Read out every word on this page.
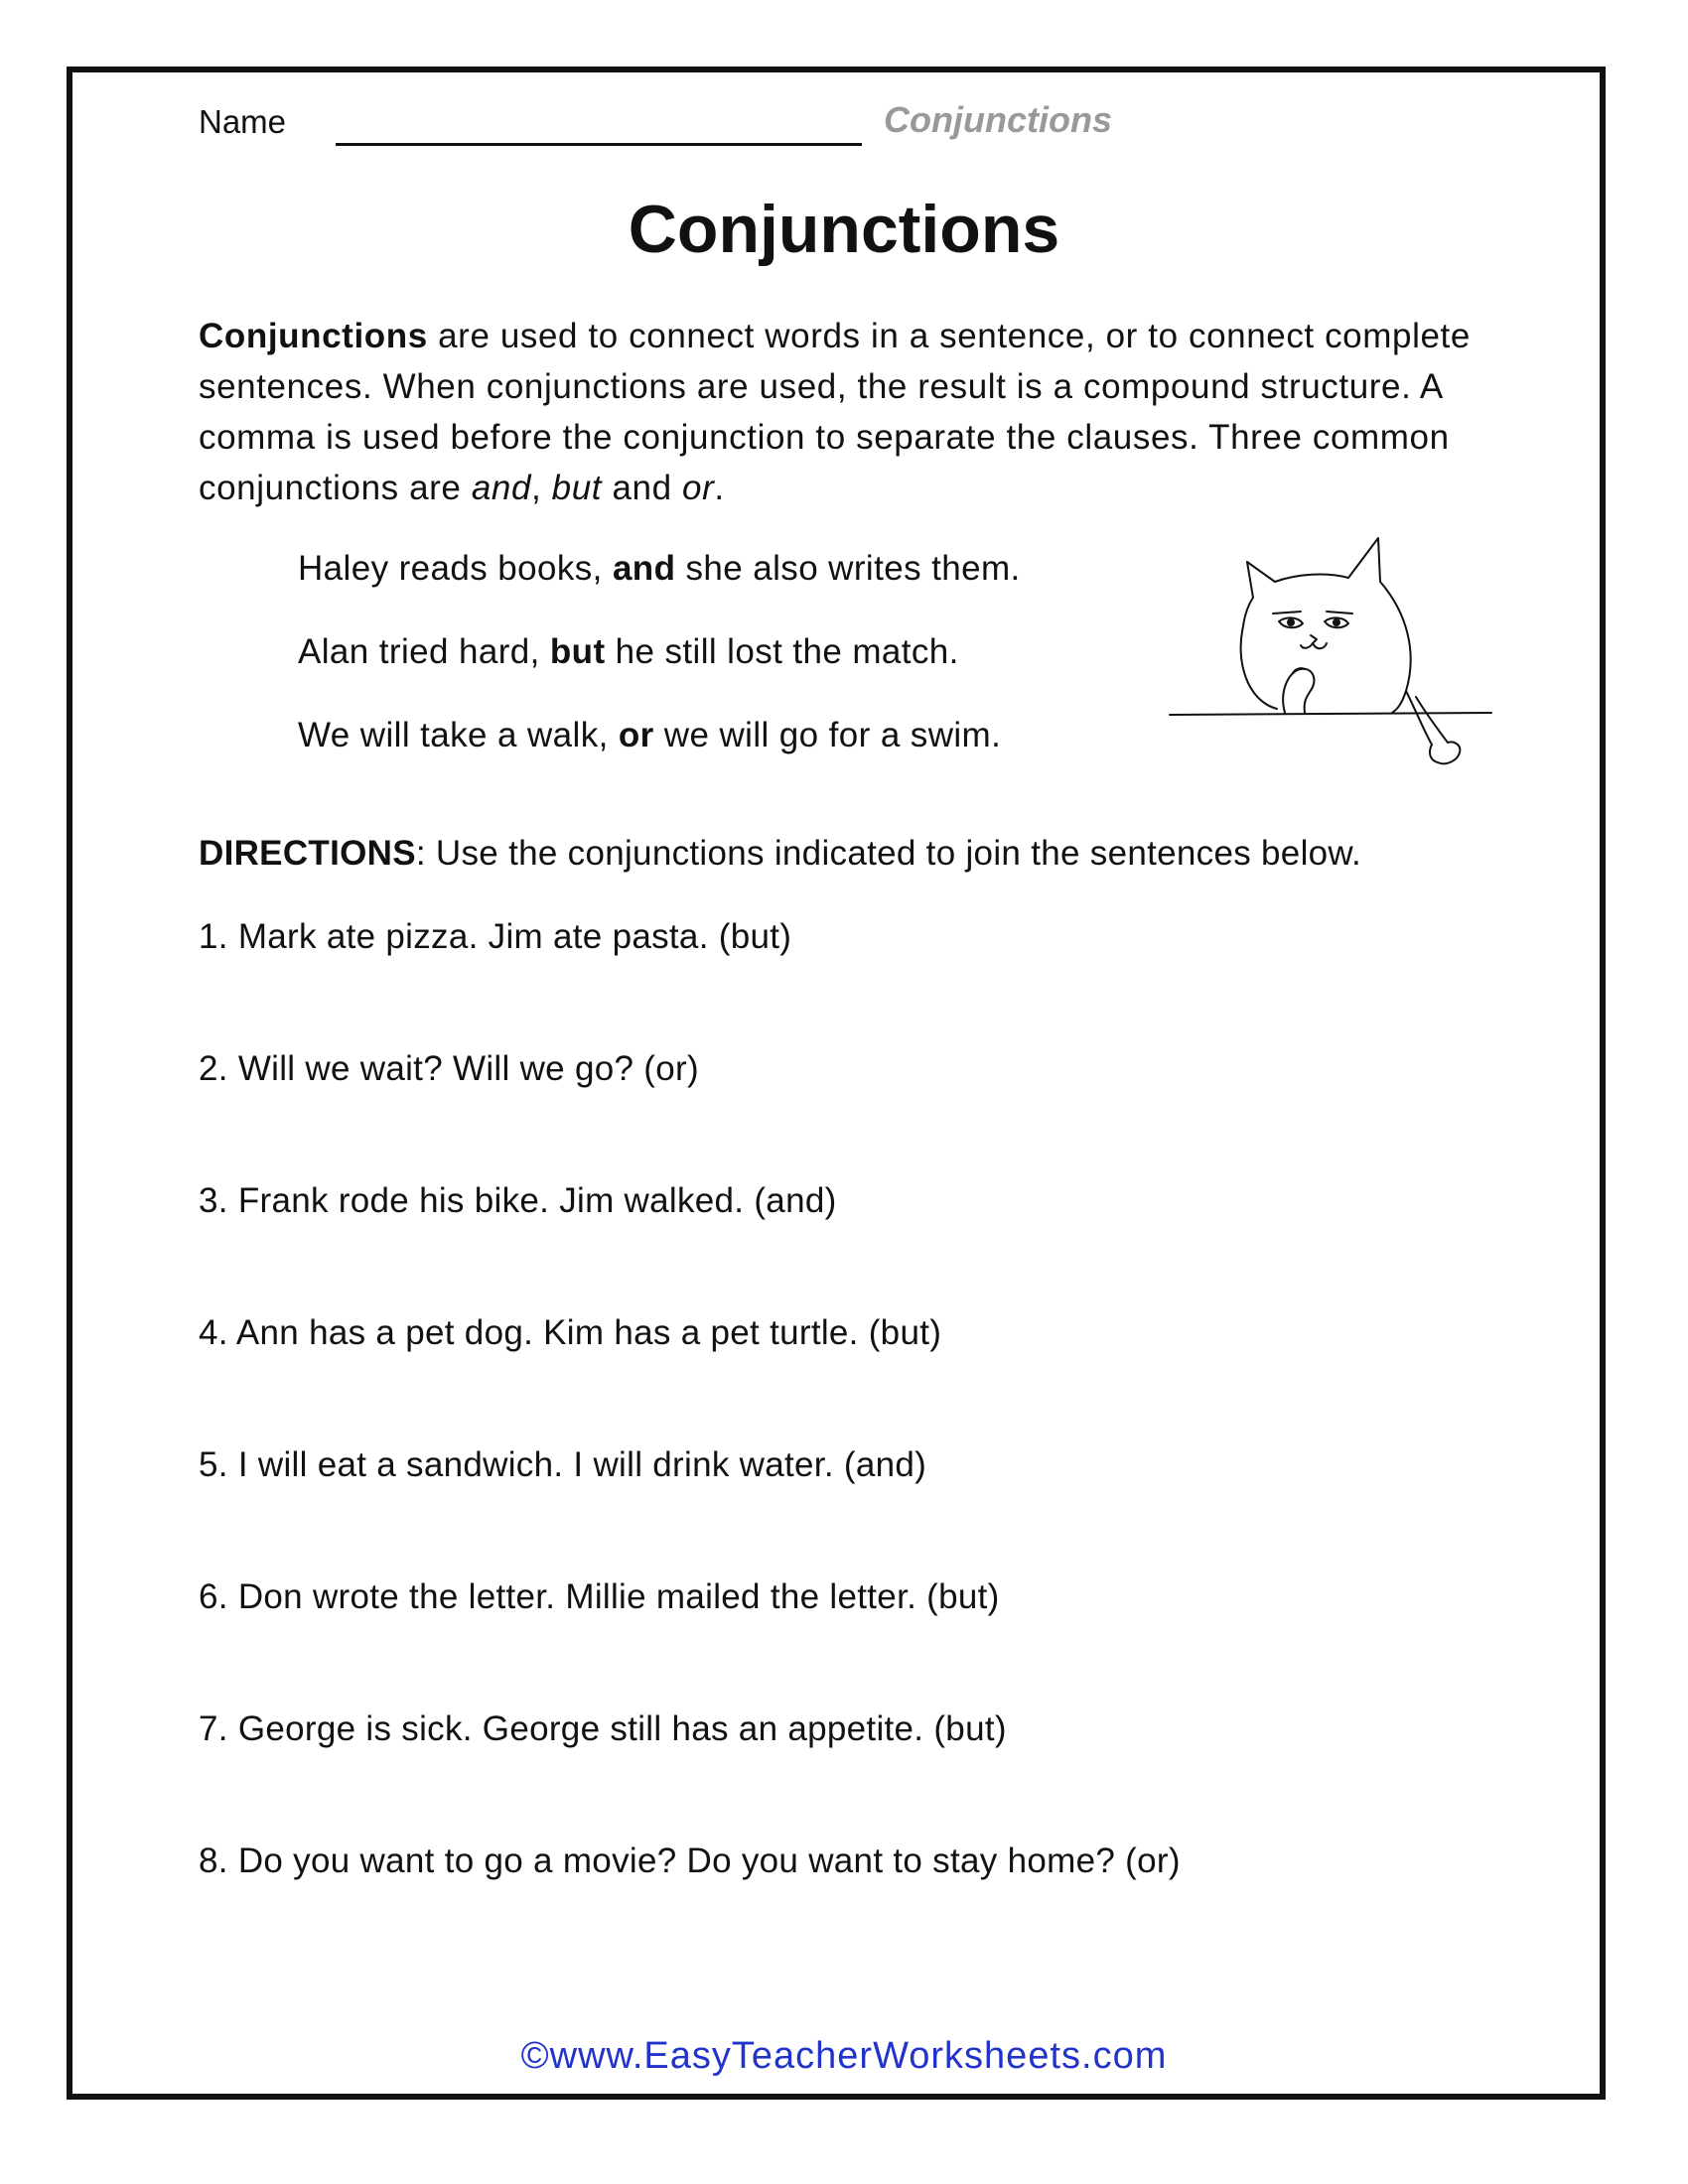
Name	Conjunctions
Conjunctions

Conjunctions are used to connect words in a sentence, or to connect complete sentences. When conjunctions are used, the result is a compound structure. A comma is used before the conjunction to separate the clauses. Three common conjunctions are and, but and or.

Haley reads books, and she also writes them.

Alan tried hard, but he still lost the match.

We will take a walk, or we will go for a swim.

DIRECTIONS: Use the conjunctions indicated to join the sentences below.

1. Mark ate pizza. Jim ate pasta. (but)

2. Will we wait? Will we go? (or)

3. Frank rode his bike. Jim walked. (and)

4. Ann has a pet dog. Kim has a pet turtle. (but)

5. I will eat a sandwich. I will drink water. (and)

6. Don wrote the letter. Millie mailed the letter. (but)

7. George is sick. George still has an appetite. (but)

8. Do you want to go a movie? Do you want to stay home? (or)

©www.EasyTeacherWorksheets.com
